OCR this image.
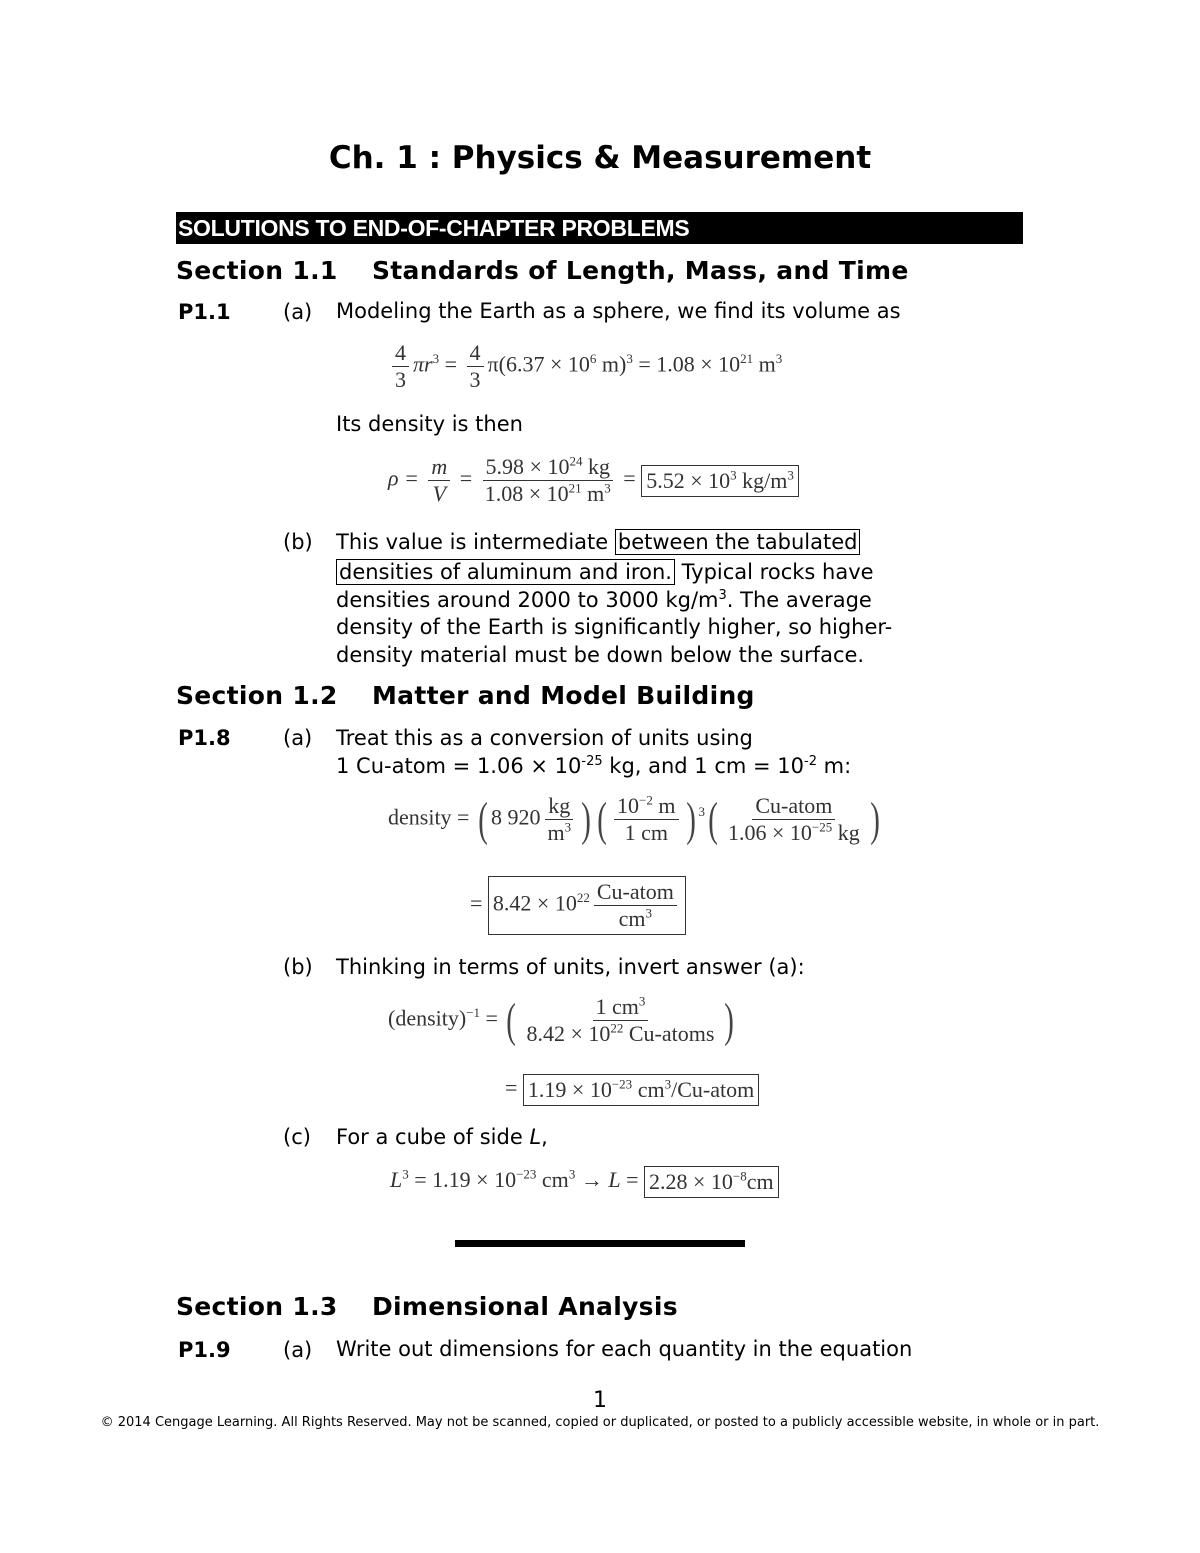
Ch. 1 : Physics & Measurement
SOLUTIONS TO END-OF-CHAPTER PROBLEMS
Section 1.1 Standards of Length, Mass, and Time
P1.1 (a) Modeling the Earth as a sphere, we find its volume as
$\frac{4}{3} \pi r^3 = \frac{4}{3} \pi(6.37 \times 10^6$ $m)^3 = 1.08 \times 10^{21}$ $m^3$
Its density is then
$\rho = \frac{m}{V} = \frac{5.98 \times 10^{24} kg}{1.08 \times 10^{21} m^3} = 5.52 \times 10^3$ $kg/m^3$
(b) This value is intermediate between the tabulated
densities of aluminum and iron. Typical rocks have
densities around 2000 to 3000 $kg/m^3$. The average
density of the Earth is significantly higher, so higher-
density material must be down below the surface.
Section 1.2 Matter and Model Building
P1.8 (a) Treat this as a conversion of units using
1 Cu-atom = $1.06 \times 10^{-25}$ kg, and 1 cm = $10^{-2}$ m:
density = ( 8 $920 \frac{kg}{m^3}$ ) ( $\frac{10^{-2} m}{1 cm}$ ) $^3( \frac{\text{Cu-atom}}{1.06 \times 10^{-25} kg}$ )
= $8.42 \times 10^{22} \frac{\text{Cu-atom}}{cm^3}$
(b) Thinking in terms of units, invert answer (a):
(density)$^{-1}$ = ( $\frac{1 cm^3}{8.42 \times 10^{22} Cu-atoms}$ )
= $1.19 \times 10^{-23}$ $cm^3/Cu$-atom
(c) For a cube of side L,
$L^3 = 1.19 \times 10^{-23}$ $cm^3 \to L = 2.28 \times 10^{-8}cm$
Section 1.3 Dimensional Analysis
P1.9 (a) Write out dimensions for each quantity in the equation
1
© 2014 Cengage Learning. All Rights Reserved. May not be scanned, copied or duplicated, or posted to a publicly accessible website, in whole or in part.
